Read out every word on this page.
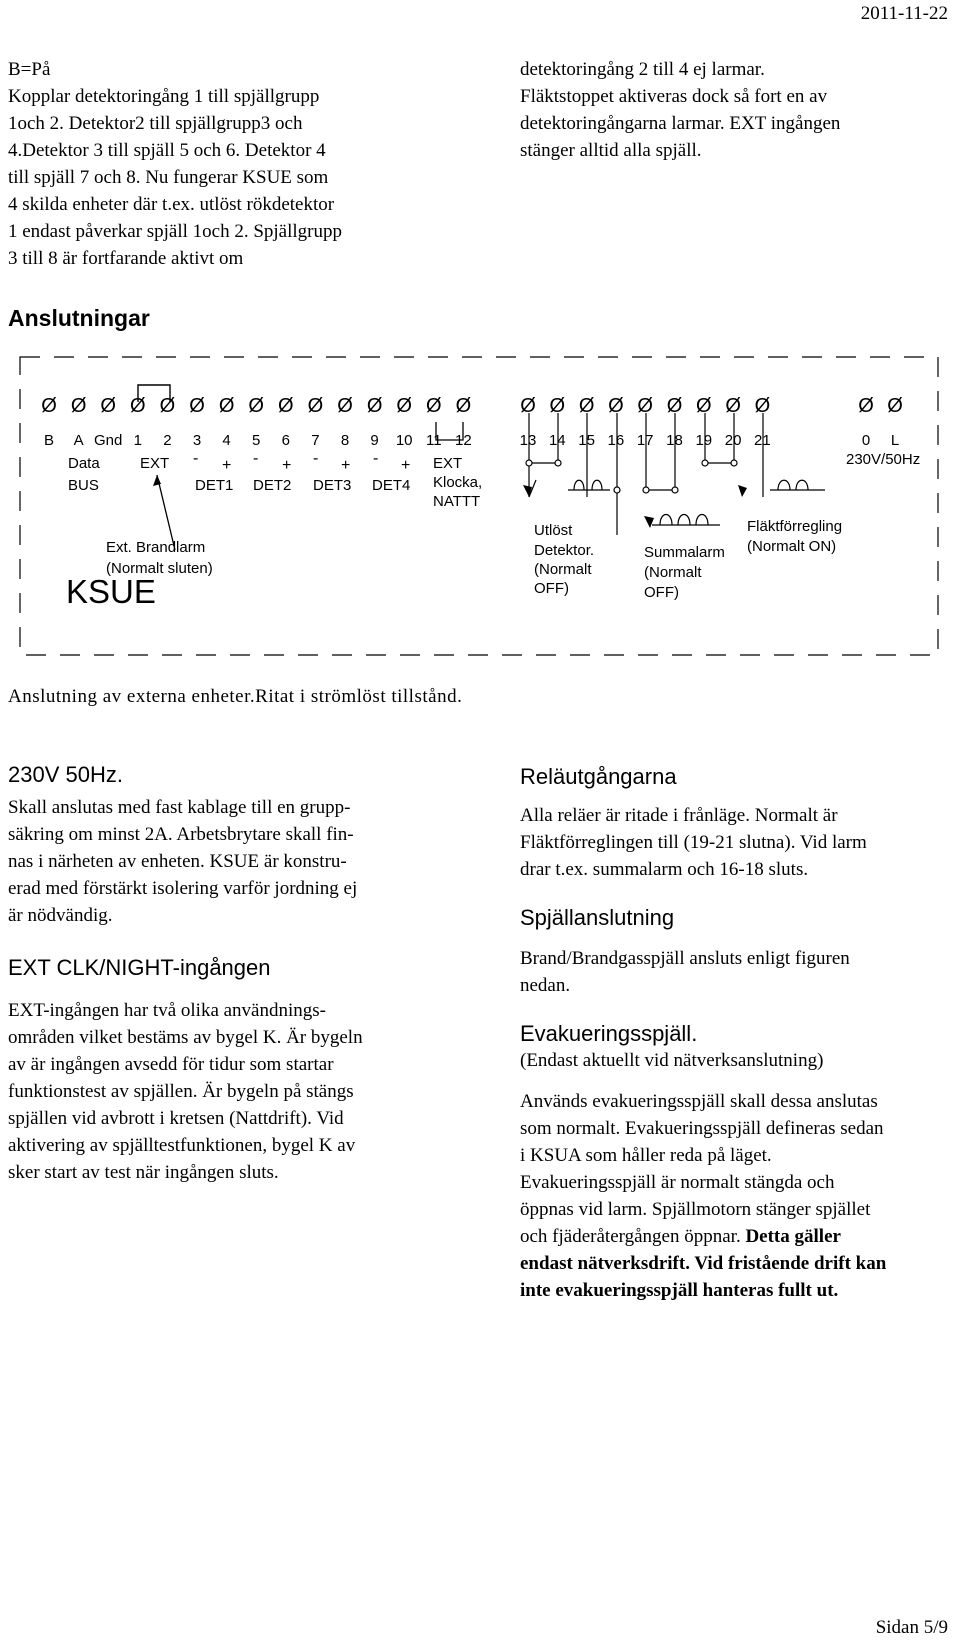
2011-11-22

B=På

Kopplar detektoringång 1 till spjällgrupp

1och 2. Detektor2 till spjällgrupp3 och

4.Detektor 3 till spjäll 5 och 6. Detektor 4

till spjäll 7 och 8. Nu fungerar KSUE som

4 skilda enheter där t.ex. utlöst rökdetektor

1 endast påverkar spjäll 1och 2. Spjällgrupp

3 till 8 är fortfarande aktivt om

detektoringång 2 till 4 ej larmar.

Fläktstoppet aktiveras dock så fort en av

detektoringångarna larmar. EXT ingången

stänger alltid alla spjäll.

Anslutningar
Ø Ø Ø Ø Ø Ø Ø Ø Ø Ø Ø Ø Ø Ø Ø Ø Ø Ø Ø Ø Ø Ø Ø Ø	Ø Ø
B A Gnd 1 2 3 4 5 6 7 8 9 10 11 12	13 14 15 16 17 18 19 20 21	0 L
Data
BUS
EXT - + - + - + - +
DET1 DET2 DET3 DET4
EXT
Klocka,
NATTT
Ext. Brandlarm
(Normalt sluten)
KSUE
Utlöst
Detektor.
(Normalt
OFF)
Summalarm
(Normalt
OFF)
Fläktförregling
(Normalt ON)
230V/50Hz
Anslutning av externa enheter.Ritat i strömlöst tillstånd.
230V 50Hz.

Skall anslutas med fast kablage till en grupp-

säkring om minst 2A. Arbetsbrytare skall fin-

nas i närheten av enheten. KSUE är konstru-

erad med förstärkt isolering varför jordning ej

är nödvändig.

EXT CLK/NIGHT-ingången

EXT-ingången har två olika användnings-

områden vilket bestäms av bygel K. Är bygeln

av är ingången avsedd för tidur som startar

funktionstest av spjällen. Är bygeln på stängs

spjällen vid avbrott i kretsen (Nattdrift). Vid

aktivering av spjälltestfunktionen, bygel K av

sker start av test när ingången sluts.

Reläutgångarna

Alla reläer är ritade i frånläge. Normalt är

Fläktförreglingen till (19-21 slutna). Vid larm

drar t.ex. summalarm och 16-18 sluts.

Spjällanslutning

Brand/Brandgasspjäll ansluts enligt figuren

nedan.

Evakueringsspjäll.
(Endast aktuellt vid nätverksanslutning)

Används evakueringsspjäll skall dessa anslutas

som normalt. Evakueringsspjäll defineras sedan

i KSUA som håller reda på läget.

Evakueringsspjäll är normalt stängda och

öppnas vid larm. Spjällmotorn stänger spjället

och fjäderåtergången öppnar. Detta gäller

endast nätverksdrift. Vid fristående drift kan

inte evakueringsspjäll hanteras fullt ut.

Sidan 5/9
